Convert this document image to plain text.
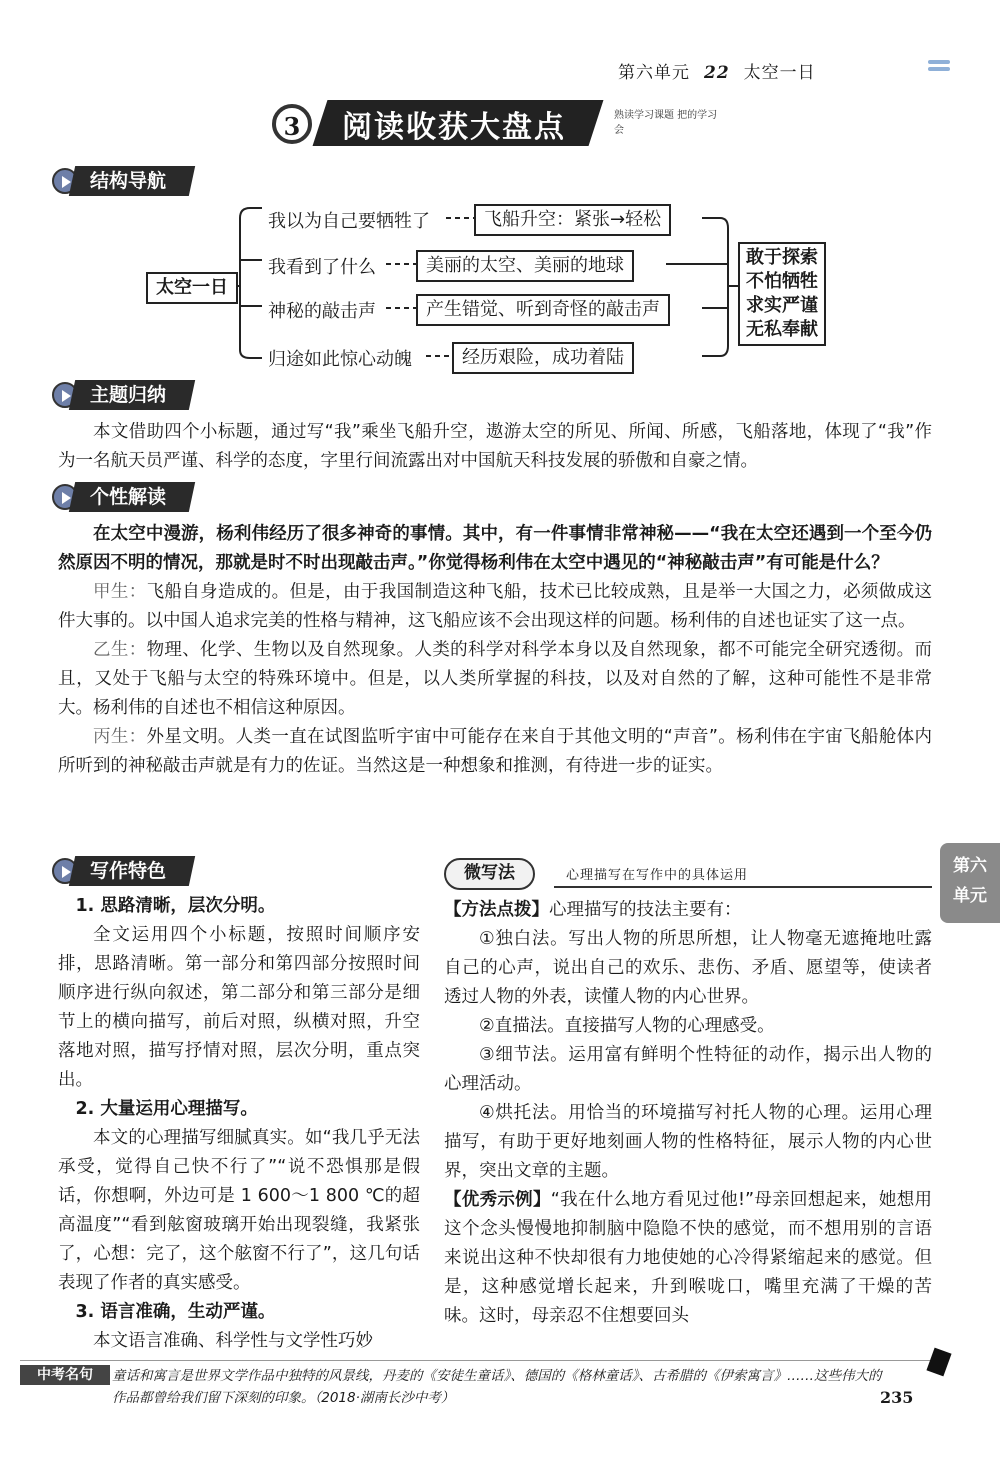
第六单元 22 太空一日
3	阅读收获大盘点	熟读学习课题 把的学习会
结构导航
太空一日
我以为自己要牺牲了	飞船升空：紧张→轻松
我看到了什么	美丽的太空、美丽的地球
神秘的敲击声	产生错觉、听到奇怪的敲击声
归途如此惊心动魄	经历艰险，成功着陆
敢于探索
不怕牺牲
求实严谨
无私奉献
主题归纳

本文借助四个小标题，通过写“我”乘坐飞船升空，遨游太空的所见、所闻、所感，飞船落地，体现了“我”作为一名航天员严谨、科学的态度，字里行间流露出对中国航天科技发展的骄傲和自豪之情。

个性解读

在太空中漫游，杨利伟经历了很多神奇的事情。其中，有一件事情非常神秘——“我在太空还遇到一个至今仍然原因不明的情况，那就是时不时出现敲击声。”你觉得杨利伟在太空中遇见的“神秘敲击声”有可能是什么？

甲生：飞船自身造成的。但是，由于我国制造这种飞船，技术已比较成熟，且是举一大国之力，必须做成这件大事的。以中国人追求完美的性格与精神，这飞船应该不会出现这样的问题。杨利伟的自述也证实了这一点。

乙生：物理、化学、生物以及自然现象。人类的科学对科学本身以及自然现象，都不可能完全研究透彻。而且，又处于飞船与太空的特殊环境中。但是，以人类所掌握的科技，以及对自然的了解，这种可能性不是非常大。杨利伟的自述也不相信这种原因。

丙生：外星文明。人类一直在试图监听宇宙中可能存在来自于其他文明的“声音”。杨利伟在宇宙飞船舱体内所听到的神秘敲击声就是有力的佐证。当然这是一种想象和推测，有待进一步的证实。

写作特色

1. 思路清晰，层次分明。

全文运用四个小标题，按照时间顺序安排，思路清晰。第一部分和第四部分按照时间顺序进行纵向叙述，第二部分和第三部分是细节上的横向描写，前后对照，纵横对照，升空落地对照，描写抒情对照，层次分明，重点突出。

2. 大量运用心理描写。

本文的心理描写细腻真实。如“我几乎无法承受，觉得自己快不行了”“说不恐惧那是假话，你想啊，外边可是 1 600～1 800 ℃的超高温度”“看到舷窗玻璃开始出现裂缝，我紧张了，心想：完了，这个舷窗不行了”，这几句话表现了作者的真实感受。

3. 语言准确，生动严谨。

本文语言准确、科学性与文学性巧妙

微写法	心理描写在写作中的具体运用

【方法点拨】心理描写的技法主要有：

①独白法。写出人物的所思所想，让人物毫无遮掩地吐露自己的心声，说出自己的欢乐、悲伤、矛盾、愿望等，使读者透过人物的外表，读懂人物的内心世界。

②直描法。直接描写人物的心理感受。

③细节法。运用富有鲜明个性特征的动作，揭示出人物的心理活动。

④烘托法。用恰当的环境描写衬托人物的心理。运用心理描写，有助于更好地刻画人物的性格特征，展示人物的内心世界，突出文章的主题。

【优秀示例】“我在什么地方看见过他!”母亲回想起来，她想用这个念头慢慢地抑制脑中隐隐不快的感觉，而不想用别的言语来说出这种不快却很有力地使她的心冷得紧缩起来的感觉。但是，这种感觉增长起来，升到喉咙口，嘴里充满了干燥的苦味。这时，母亲忍不住想要回头

第六单元
中考名句	童话和寓言是世界文学作品中独特的风景线，丹麦的《安徒生童话》、德国的《格林童话》、古希腊的《伊索寓言》……这些伟大的作品都曾给我们留下深刻的印象。（2018·湖南长沙中考）	235
